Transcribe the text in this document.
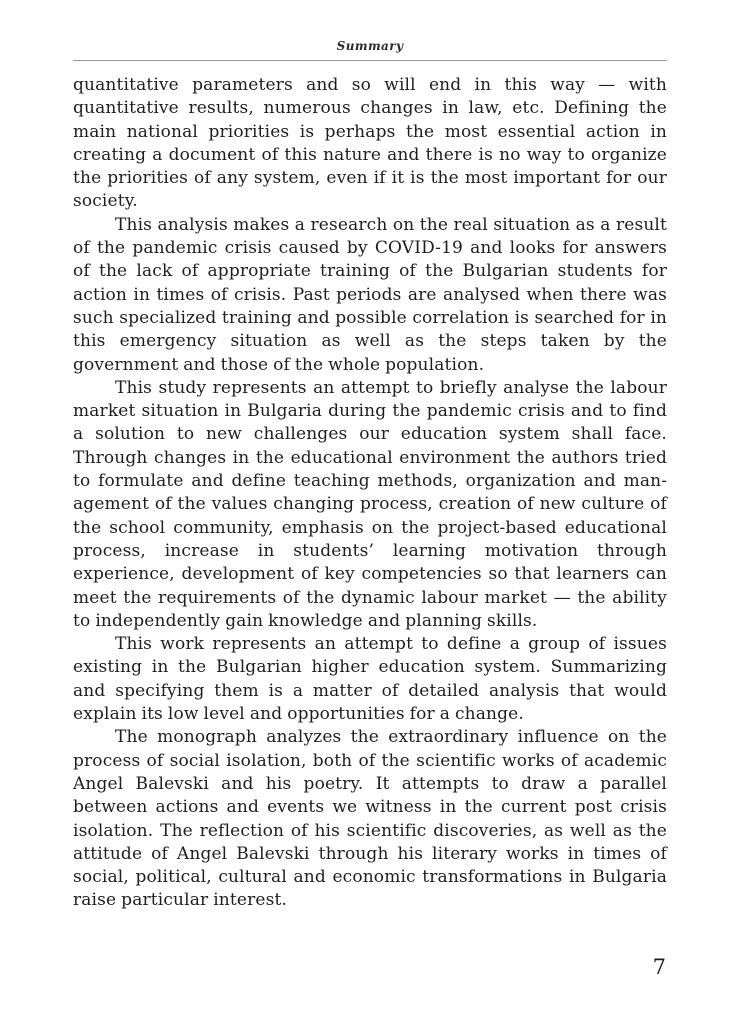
Summary

quantitative parameters and so will end in this way — with quantitative results, numerous changes in law, etc. Defining the main national priorities is perhaps the most essential action in creating a document of this nature and there is no way to organize the priorities of any system, even if it is the most important for our society.

This analysis makes a research on the real situation as a result of the pandemic crisis caused by COVID-19 and looks for answers of the lack of appropriate training of the Bulgarian students for action in times of crisis. Past periods are analysed when there was such specialized training and possible correlation is searched for in this emergency situation as well as the steps taken by the government and those of the whole population.

This study represents an attempt to briefly analyse the labour market situation in Bulgaria during the pandemic crisis and to find a solution to new challenges our education system shall face. Through changes in the educational environment the authors tried to formulate and define teaching methods, organization and management of the values changing process, creation of new culture of the school community, emphasis on the project-based educational process, increase in students’ learning motivation through experience, development of key competencies so that learners can meet the requirements of the dynamic labour market — the ability to independently gain knowledge and planning skills.

This work represents an attempt to define a group of issues existing in the Bulgarian higher education system. Summarizing and specifying them is a matter of detailed analysis that would explain its low level and opportunities for a change.

The monograph analyzes the extraordinary influence on the process of social isolation, both of the scientific works of academic Angel Balevski and his poetry. It attempts to draw a parallel between actions and events we witness in the current post crisis isolation. The reflection of his scientific discoveries, as well as the attitude of Angel Balevski through his literary works in times of social, political, cultural and economic transformations in Bulgaria raise particular interest.

7
